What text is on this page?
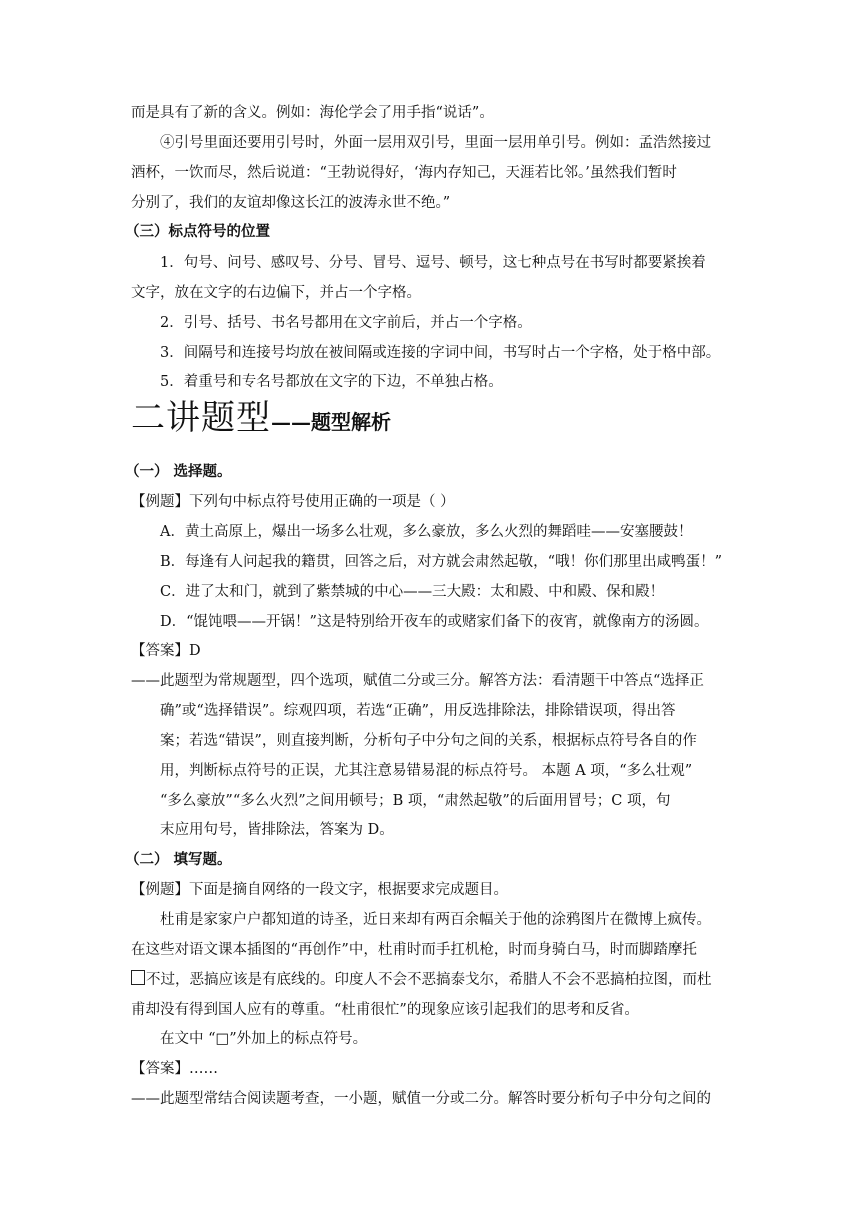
而是具有了新的含义。例如：海伦学会了用手指“说话”。
④引号里面还要用引号时，外面一层用双引号，里面一层用单引号。例如：孟浩然接过
酒杯，一饮而尽，然后说道：“王勃说得好，‘海内存知己，天涯若比邻。’虽然我们暂时
分别了，我们的友谊却像这长江的波涛永世不绝。”
（三）标点符号的位置
1．句号、问号、感叹号、分号、冒号、逗号、顿号，这七种点号在书写时都要紧挨着
文字，放在文字的右边偏下，并占一个字格。
2．引号、括号、书名号都用在文字前后，并占一个字格。
3．间隔号和连接号均放在被间隔或连接的字词中间，书写时占一个字格，处于格中部。
5．着重号和专名号都放在文字的下边，不单独占格。
二讲题型——题型解析
（一） 选择题。
【例题】下列句中标点符号使用正确的一项是（ ）
A．黄土高原上，爆出一场多么壮观，多么豪放，多么火烈的舞蹈哇——安塞腰鼓！
B．每逢有人问起我的籍贯，回答之后，对方就会肃然起敬，“哦！你们那里出咸鸭蛋！”
C．进了太和门，就到了紫禁城的中心——三大殿：太和殿、中和殿、保和殿！
D．“馄饨喂——开锅！”这是特别给开夜车的或赌家们备下的夜宵，就像南方的汤圆。
【答案】D
——此题型为常规题型，四个选项，赋值二分或三分。解答方法：看清题干中答点“选择正
确”或“选择错误”。综观四项，若选“正确”，用反选排除法，排除错误项，得出答
案；若选“错误”，则直接判断，分析句子中分句之间的关系，根据标点符号各自的作
用，判断标点符号的正误，尤其注意易错易混的标点符号。 本题 A 项，“多么壮观”
“多么豪放”“多么火烈”之间用顿号；B 项，“肃然起敬”的后面用冒号；C 项，句
末应用句号，皆排除法，答案为 D。
（二） 填写题。
【例题】下面是摘自网络的一段文字，根据要求完成题目。
杜甫是家家户户都知道的诗圣，近日来却有两百余幅关于他的涂鸦图片在微博上疯传。
在这些对语文课本插图的“再创作”中，杜甫时而手扛机枪，时而身骑白马，时而脚踏摩托
不过，恶搞应该是有底线的。印度人不会不恶搞泰戈尔，希腊人不会不恶搞柏拉图，而杜
甫却没有得到国人应有的尊重。“杜甫很忙”的现象应该引起我们的思考和反省。
在文中 “□”外加上的标点符号。
【答案】……
——此题型常结合阅读题考查，一小题，赋值一分或二分。解答时要分析句子中分句之间的
